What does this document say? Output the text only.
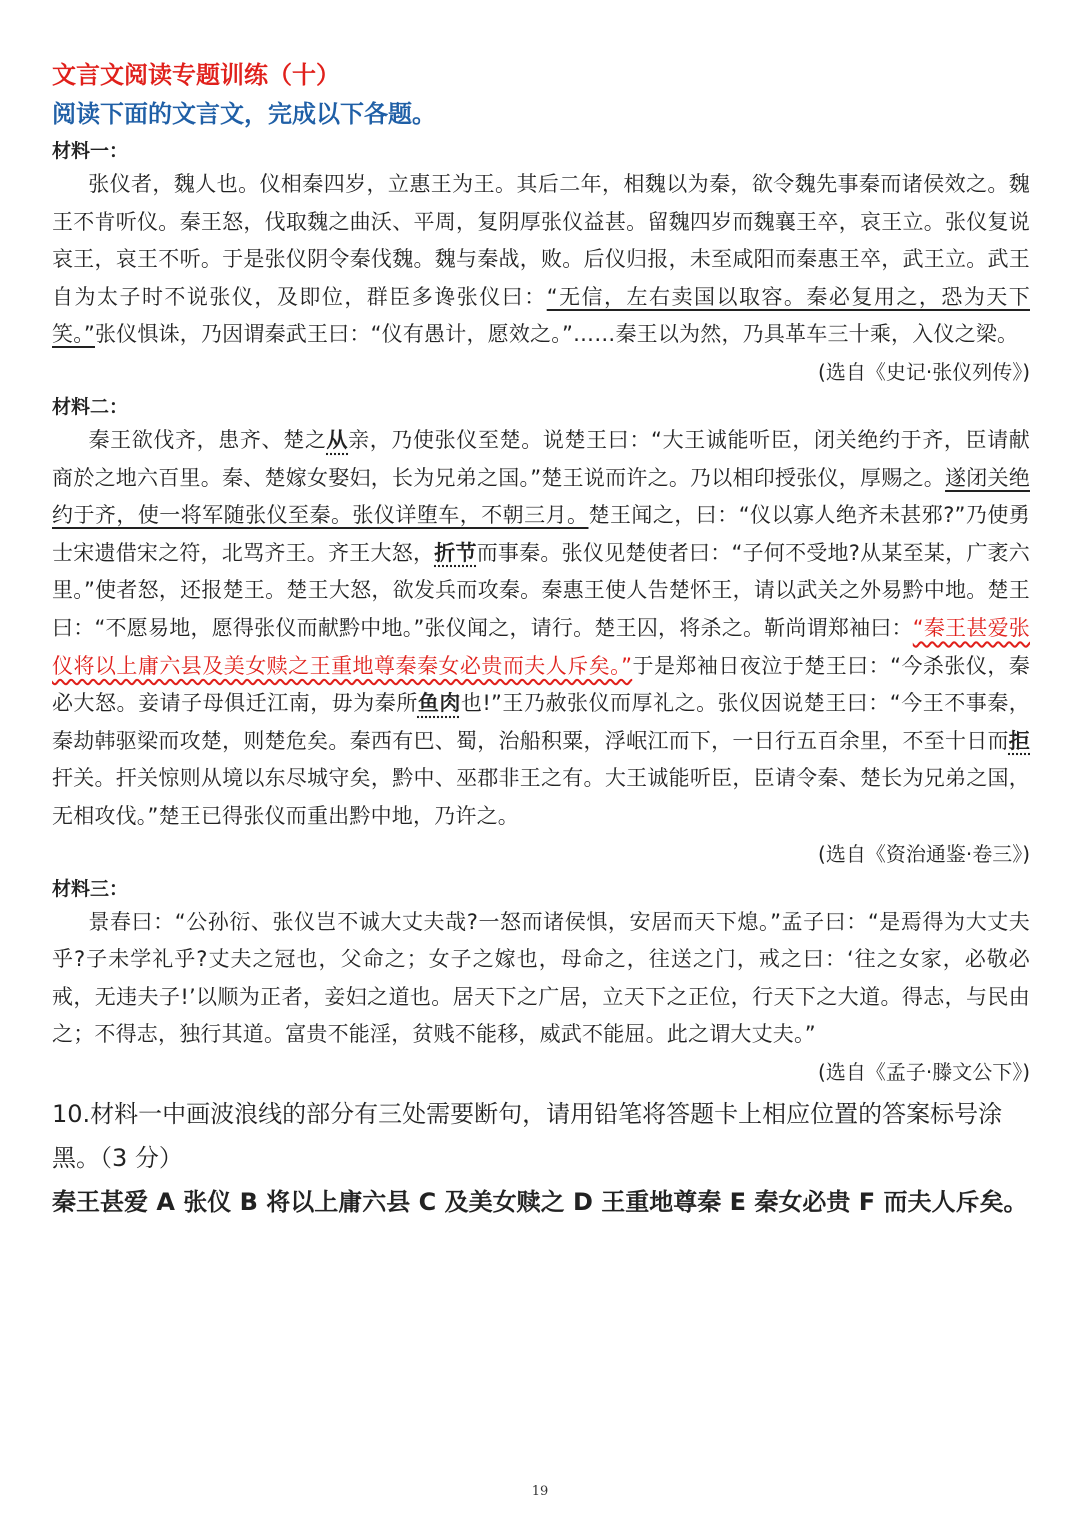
文言文阅读专题训练（十）

阅读下面的文言文，完成以下各题。

材料一：

张仪者，魏人也。仪相秦四岁，立惠王为王。其后二年，相魏以为秦，欲令魏先事秦而诸侯效之。魏王不肯听仪。秦王怒，伐取魏之曲沃、平周，复阴厚张仪益甚。留魏四岁而魏襄王卒，哀王立。张仪复说哀王，哀王不听。于是张仪阴令秦伐魏。魏与秦战，败。后仪归报，未至咸阳而秦惠王卒，武王立。武王自为太子时不说张仪，及即位，群臣多谗张仪曰：“无信，左右卖国以取容。秦必复用之，恐为天下笑。”张仪惧诛，乃因谓秦武王曰：“仪有愚计，愿效之。”……秦王以为然，乃具革车三十乘，入仪之梁。

(选自《史记·张仪列传》)

材料二：

秦王欲伐齐，患齐、楚之从亲，乃使张仪至楚。说楚王曰：“大王诚能听臣，闭关绝约于齐，臣请献商於之地六百里。秦、楚嫁女娶妇，长为兄弟之国。”楚王说而许之。乃以相印授张仪，厚赐之。遂闭关绝约于齐，使一将军随张仪至秦。张仪详堕车，不朝三月。楚王闻之，曰：“仪以寡人绝齐未甚邪?”乃使勇士宋遗借宋之符，北骂齐王。齐王大怒，折节而事秦。张仪见楚使者曰：“子何不受地?从某至某，广袤六里。”使者怒，还报楚王。楚王大怒，欲发兵而攻秦。秦惠王使人告楚怀王，请以武关之外易黔中地。楚王曰：“不愿易地，愿得张仪而献黔中地。”张仪闻之，请行。楚王囚，将杀之。靳尚谓郑袖曰：“秦王甚爱张仪将以上庸六县及美女赎之王重地尊秦秦女必贵而夫人斥矣。”于是郑袖日夜泣于楚王曰：“今杀张仪，秦必大怒。妾请子母俱迁江南，毋为秦所鱼肉也!”王乃赦张仪而厚礼之。张仪因说楚王曰：“今王不事秦，秦劫韩驱梁而攻楚，则楚危矣。秦西有巴、蜀，治船积粟，浮岷江而下，一日行五百余里，不至十日而拒扞关。扞关惊则从境以东尽城守矣，黔中、巫郡非王之有。大王诚能听臣，臣请令秦、楚长为兄弟之国，无相攻伐。”楚王已得张仪而重出黔中地，乃许之。

(选自《资治通鉴·卷三》)

材料三：

景春曰：“公孙衍、张仪岂不诚大丈夫哉?一怒而诸侯惧，安居而天下熄。”孟子曰：“是焉得为大丈夫乎?子未学礼乎?丈夫之冠也，父命之；女子之嫁也，母命之，往送之门，戒之曰：‘往之女家，必敬必戒，无违夫子!’以顺为正者，妾妇之道也。居天下之广居，立天下之正位，行天下之大道。得志，与民由之；不得志，独行其道。富贵不能淫，贫贱不能移，威武不能屈。此之谓大丈夫。”

(选自《孟子·滕文公下》)

10.材料一中画波浪线的部分有三处需要断句，请用铅笔将答题卡上相应位置的答案标号涂黑。（3 分）

秦王甚爱 A 张仪 B 将以上庸六县 C 及美女赎之 D 王重地尊秦 E 秦女必贵 F 而夫人斥矣。

19
